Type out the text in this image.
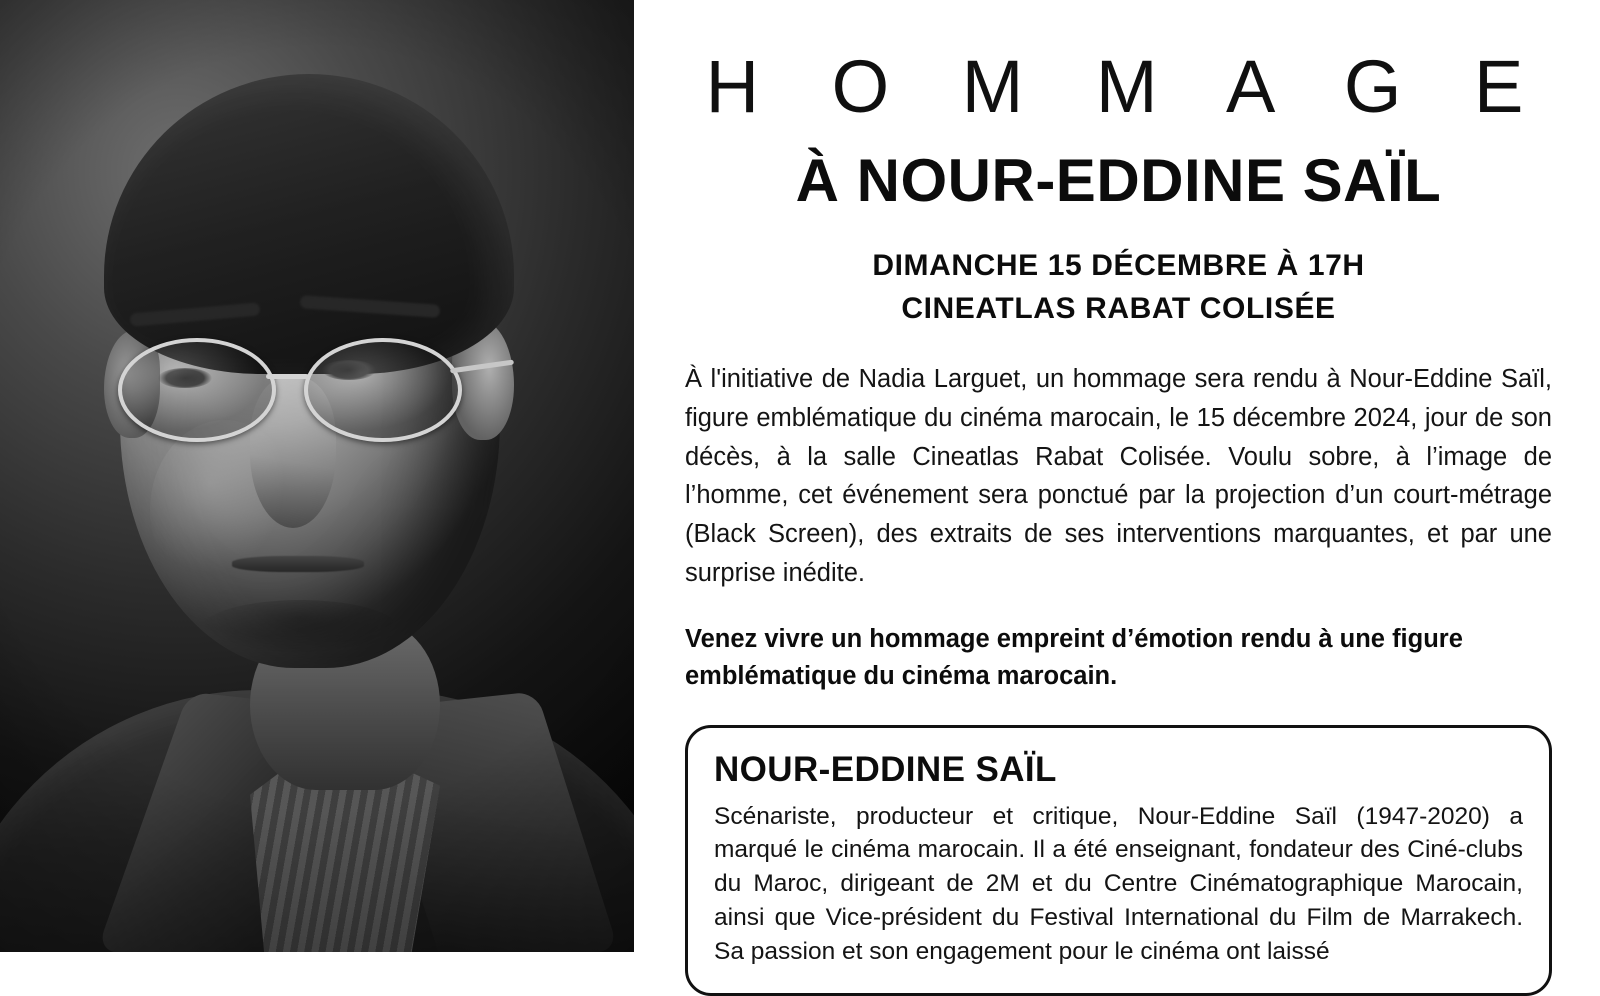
H O M M A G E
À NOUR-EDDINE SAÏL
DIMANCHE 15 DÉCEMBRE À 17H
CINEATLAS RABAT COLISÉE

À l'initiative de Nadia Larguet, un hommage sera rendu à Nour-Eddine Saïl, figure emblématique du cinéma marocain, le 15 décembre 2024, jour de son décès, à la salle Cineatlas Rabat Colisée. Voulu sobre, à l’image de l’homme, cet événement sera ponctué par la projection d’un court-métrage (Black Screen), des extraits de ses interventions marquantes, et par une surprise inédite.

Venez vivre un hommage empreint d’émotion rendu à une figure emblématique du cinéma marocain.

NOUR-EDDINE SAÏL
Scénariste, producteur et critique, Nour-Eddine Saïl (1947-2020) a marqué le cinéma marocain. Il a été enseignant, fondateur des Ciné-clubs du Maroc, dirigeant de 2M et du Centre Cinématographique Marocain, ainsi que Vice-président du Festival International du Film de Marrakech. Sa passion et son engagement pour le cinéma ont laissé
